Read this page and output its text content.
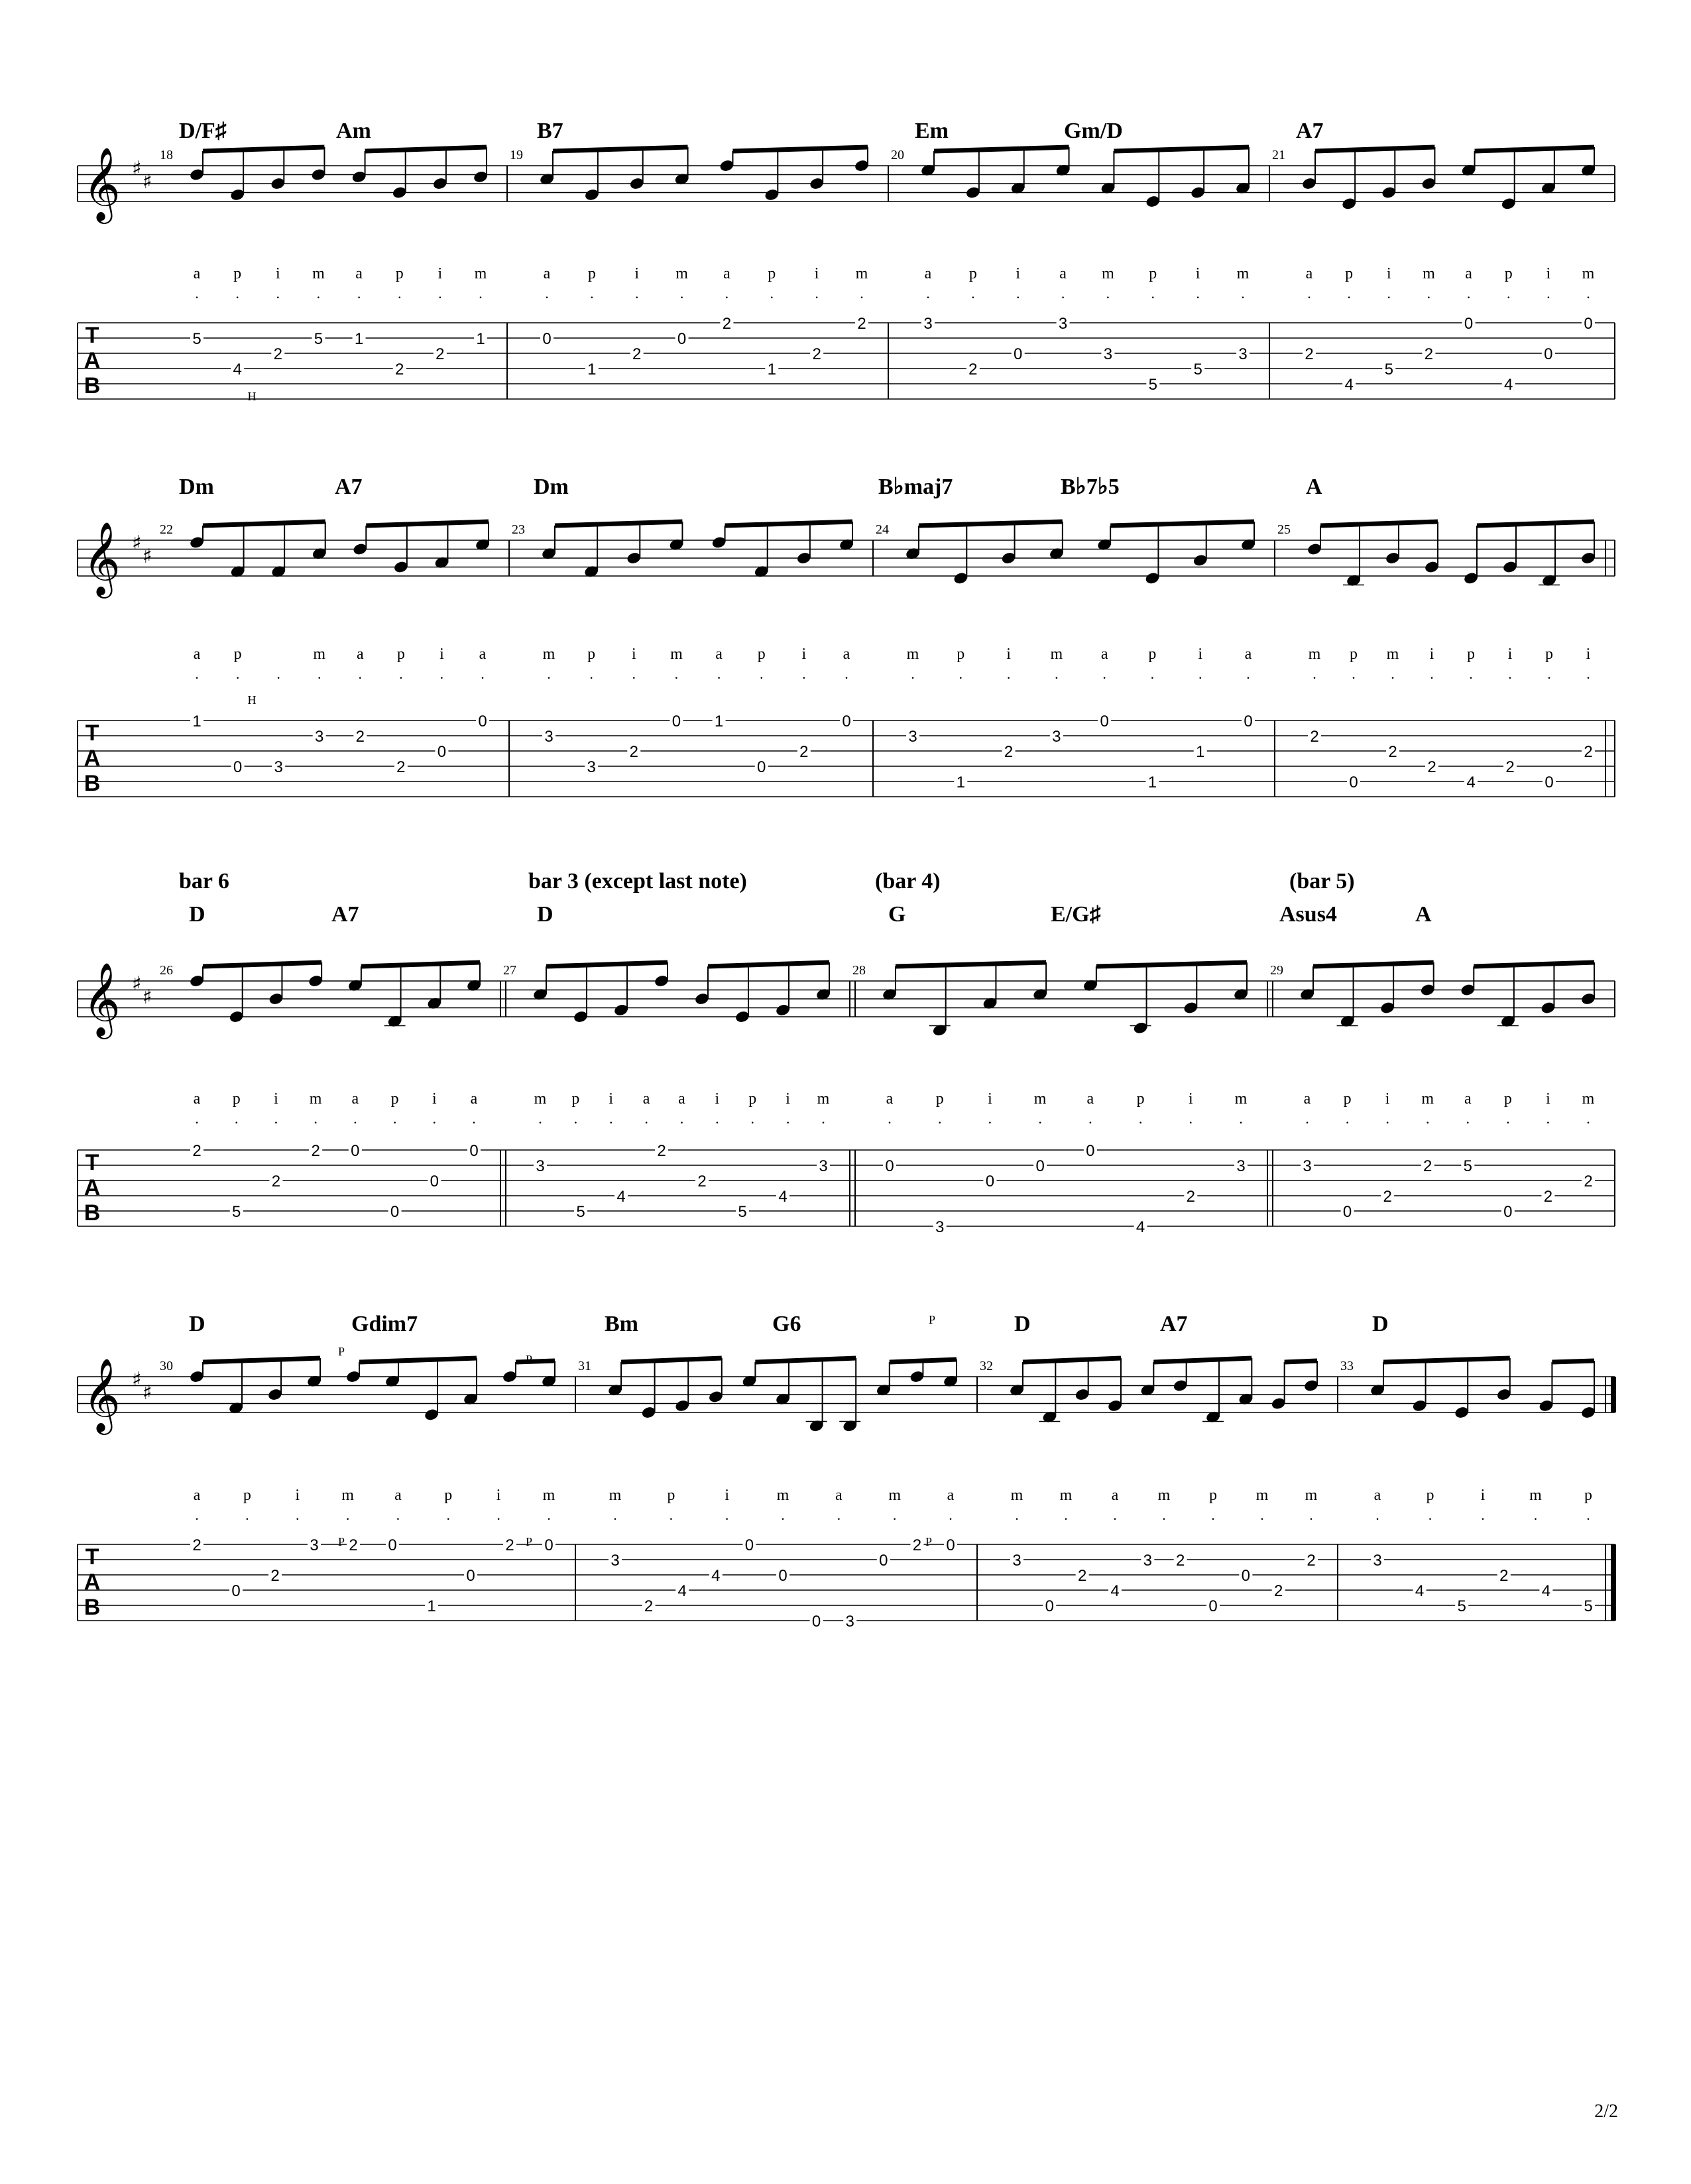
D/F♯	Am	B7	Em	Gm/D	A7
𝄞 ♯
♯
T
A
B
18
5
4
2
5 1
2
2
1
a
.
p
.
i
.
m
.
a
.
p
.
i
.
m
.
19
0
1
2
0
2
1
2
2
a
.
p
.
i
.
m
.
a
.
p
.
i
.
m
.
20
3
2
0
3
3
5
5
3
a
.
p
.
i
.
a
.
m
.
p
.
i
.
m
.
21
2
4
5
2
0
4
0
0
a
.
p
.
i
.
m
.
a
.
p
.
i
.
m
.
Dm	A7	Dm	B♭maj7	B♭7♭5	A
𝄞 ♯
♯
T
A
B
22
1
0 3
3 2
2
0
0
a
.
p
.	.
m
.
a
.
p
.
i
.
a
.
23
3
3
2
0 1
0
2
0
m
.
p
.
i
.
m
.
a
.
p
.
i
.
a
.
24
3
1
2
3
0
1
1
0
m
.
p
.
i
.
m
.
a
.
p
.
i
.
a
.
25
2
0
2
2
4
2
0
2
m
.
p
.
m
.
i
.
p
.
i
.
p
.
i
.
bar 6	bar 3 (except last note)	(bar 4)	(bar 5)
D	A7	D	G	E/G♯	Asus4	A
𝄞 ♯
♯
T
A
B
26
2
5
2
2 0
0
0
0
a
.
p
.
i
.
m
.
a
.
p
.
i
.
a
.
27
3
5
4
2
2
5
4
3
m
.
p
.
i
.
a
.
a
.
i
.
p
.
i
.
m
.
28
0
3
0
0
0
4
2
3
a
.
p
.
i
.
m
.
a
.
p
.
i
.
m
.
29
3
0
2
2 5
0
2
2
a
.
p
.
i
.
m
.
a
.
p
.
i
.
m
.
D	Gdim7	Bm	G6	D	A7	D
𝄞 ♯
♯
T
A
B
30
2
0
2
3 2 0
1
0
2 0
a
.
p
.
i
.
m
.
a
.
p
.
i
.
m
.
31
3
2
4
4
0
0
0 3
0
2 0
m
.
p
.
i
.
m
.
a
.
m
.
a
.
32
3
0
2
4
3 2
0
0
2
2
m
.
m
.
a
.
m
.
p
.
m
.
m
.
33
3
4
5
2
4
5
a
.
p
.
i
.
m
.
p
.
H
H
P
P
P
P	P	P
2/2
